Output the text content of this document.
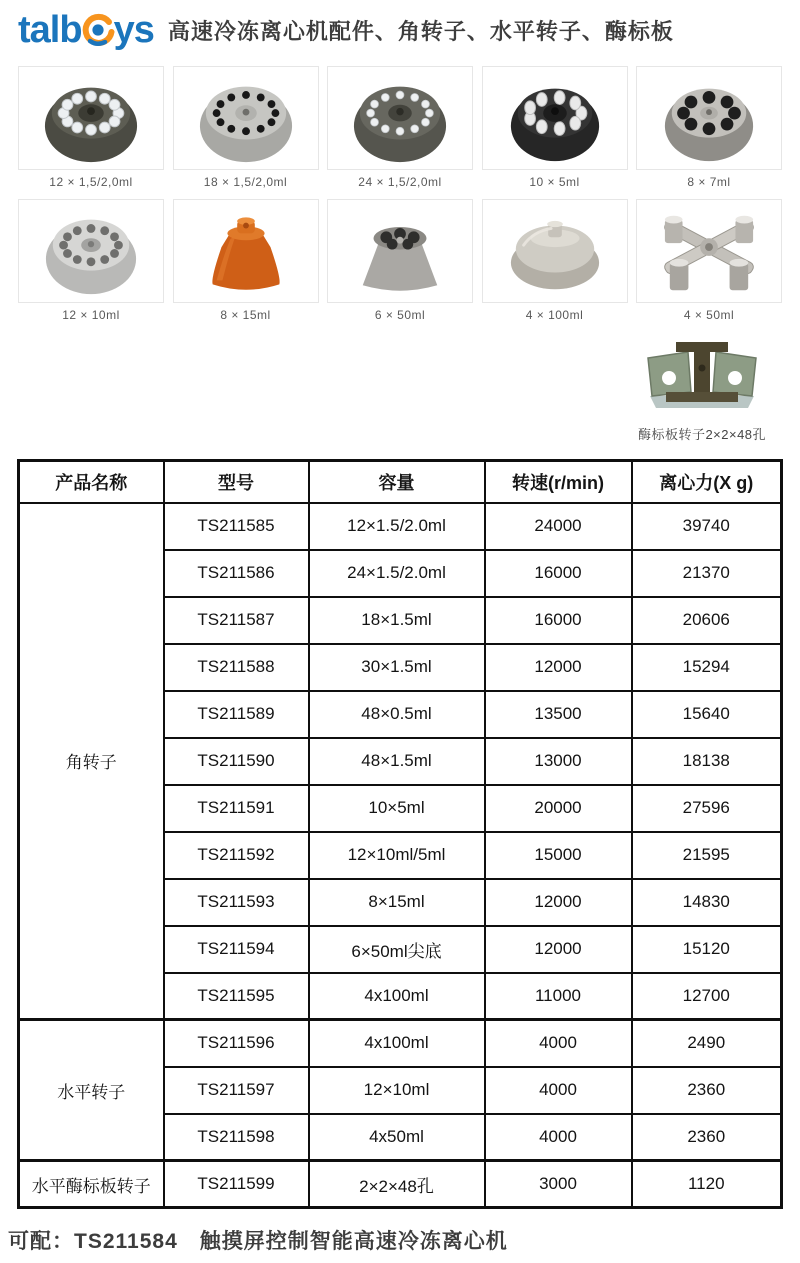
talb ys 高速冷冻离心机配件、角转子、水平转子、酶标板
12 × 1,5/2,0ml	18 × 1,5/2,0ml	24 × 1,5/2,0ml	10 × 5ml	8 × 7ml
12 × 10ml	8 × 15ml	6 × 50ml	4 × 100ml	4 × 50ml
酶标板转子2×2×48孔
产品名称	型号	容量	转速(r/min)	离心力(X g)
角转子	TS211585	12×1.5/2.0ml	24000	39740
	TS211586	24×1.5/2.0ml	16000	21370
	TS211587	18×1.5ml	16000	20606
	TS211588	30×1.5ml	12000	15294
	TS211589	48×0.5ml	13500	15640
	TS211590	48×1.5ml	13000	18138
	TS211591	10×5ml	20000	27596
	TS211592	12×10ml/5ml	15000	21595
	TS211593	8×15ml	12000	14830
	TS211594	6×50ml尖底	12000	15120
	TS211595	4x100ml	11000	12700
水平转子	TS211596	4x100ml	4000	2490
	TS211597	12×10ml	4000	2360
	TS211598	4x50ml	4000	2360
水平酶标板转子	TS211599	2×2×48孔	3000	1120
可配：TS211584　触摸屏控制智能高速冷冻离心机
